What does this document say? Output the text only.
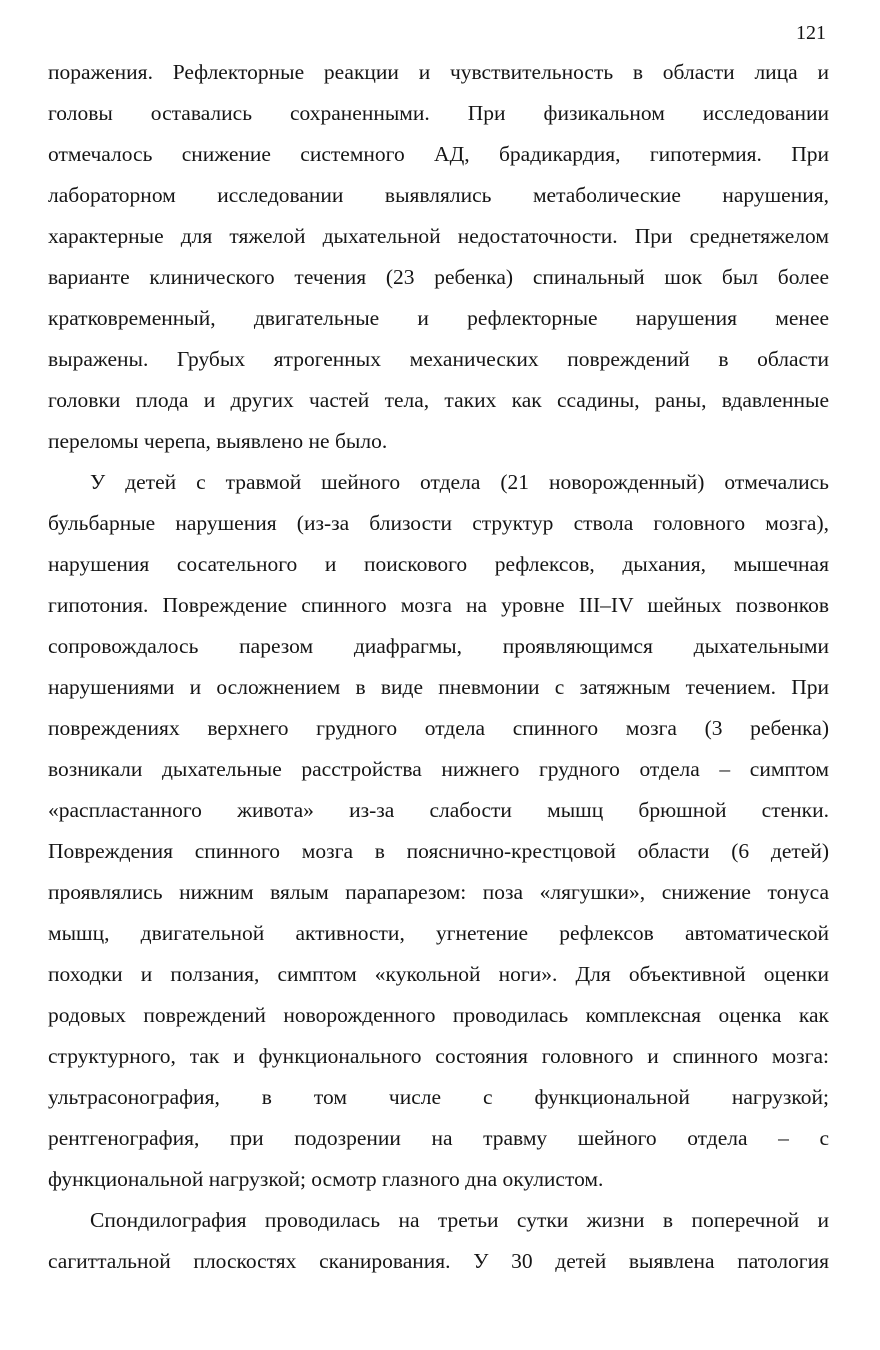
121
поражения. Рефлекторные реакции и чувствительность в области лица и
головы оставались сохраненными. При физикальном исследовании
отмечалось снижение системного АД, брадикардия, гипотермия. При
лабораторном исследовании выявлялись метаболические нарушения,
характерные для тяжелой дыхательной недостаточности. При среднетяжелом
варианте клинического течения (23 ребенка) спинальный шок был более
кратковременный, двигательные и рефлекторные нарушения менее
выражены. Грубых ятрогенных механических повреждений в области
головки плода и других частей тела, таких как ссадины, раны, вдавленные
переломы черепа, выявлено не было.
У детей с травмой шейного отдела (21 новорожденный) отмечались
бульбарные нарушения (из-за близости структур ствола головного мозга),
нарушения сосательного и поискового рефлексов, дыхания, мышечная
гипотония. Повреждение спинного мозга на уровне III–IV шейных позвонков
сопровождалось парезом диафрагмы, проявляющимся дыхательными
нарушениями и осложнением в виде пневмонии с затяжным течением. При
повреждениях верхнего грудного отдела спинного мозга (3 ребенка)
возникали дыхательные расстройства нижнего грудного отдела – симптом
«распластанного живота» из-за слабости мышц брюшной стенки.
Повреждения спинного мозга в пояснично-крестцовой области (6 детей)
проявлялись нижним вялым парапарезом: поза «лягушки», снижение тонуса
мышц, двигательной активности, угнетение рефлексов автоматической
походки и ползания, симптом «кукольной ноги». Для объективной оценки
родовых повреждений новорожденного проводилась комплексная оценка как
структурного, так и функционального состояния головного и спинного мозга:
ультрасонография, в том числе с функциональной нагрузкой;
рентгенография, при подозрении на травму шейного отдела – с
функциональной нагрузкой; осмотр глазного дна окулистом.
Спондилография проводилась на третьи сутки жизни в поперечной и
сагиттальной плоскостях сканирования. У 30 детей выявлена патология
